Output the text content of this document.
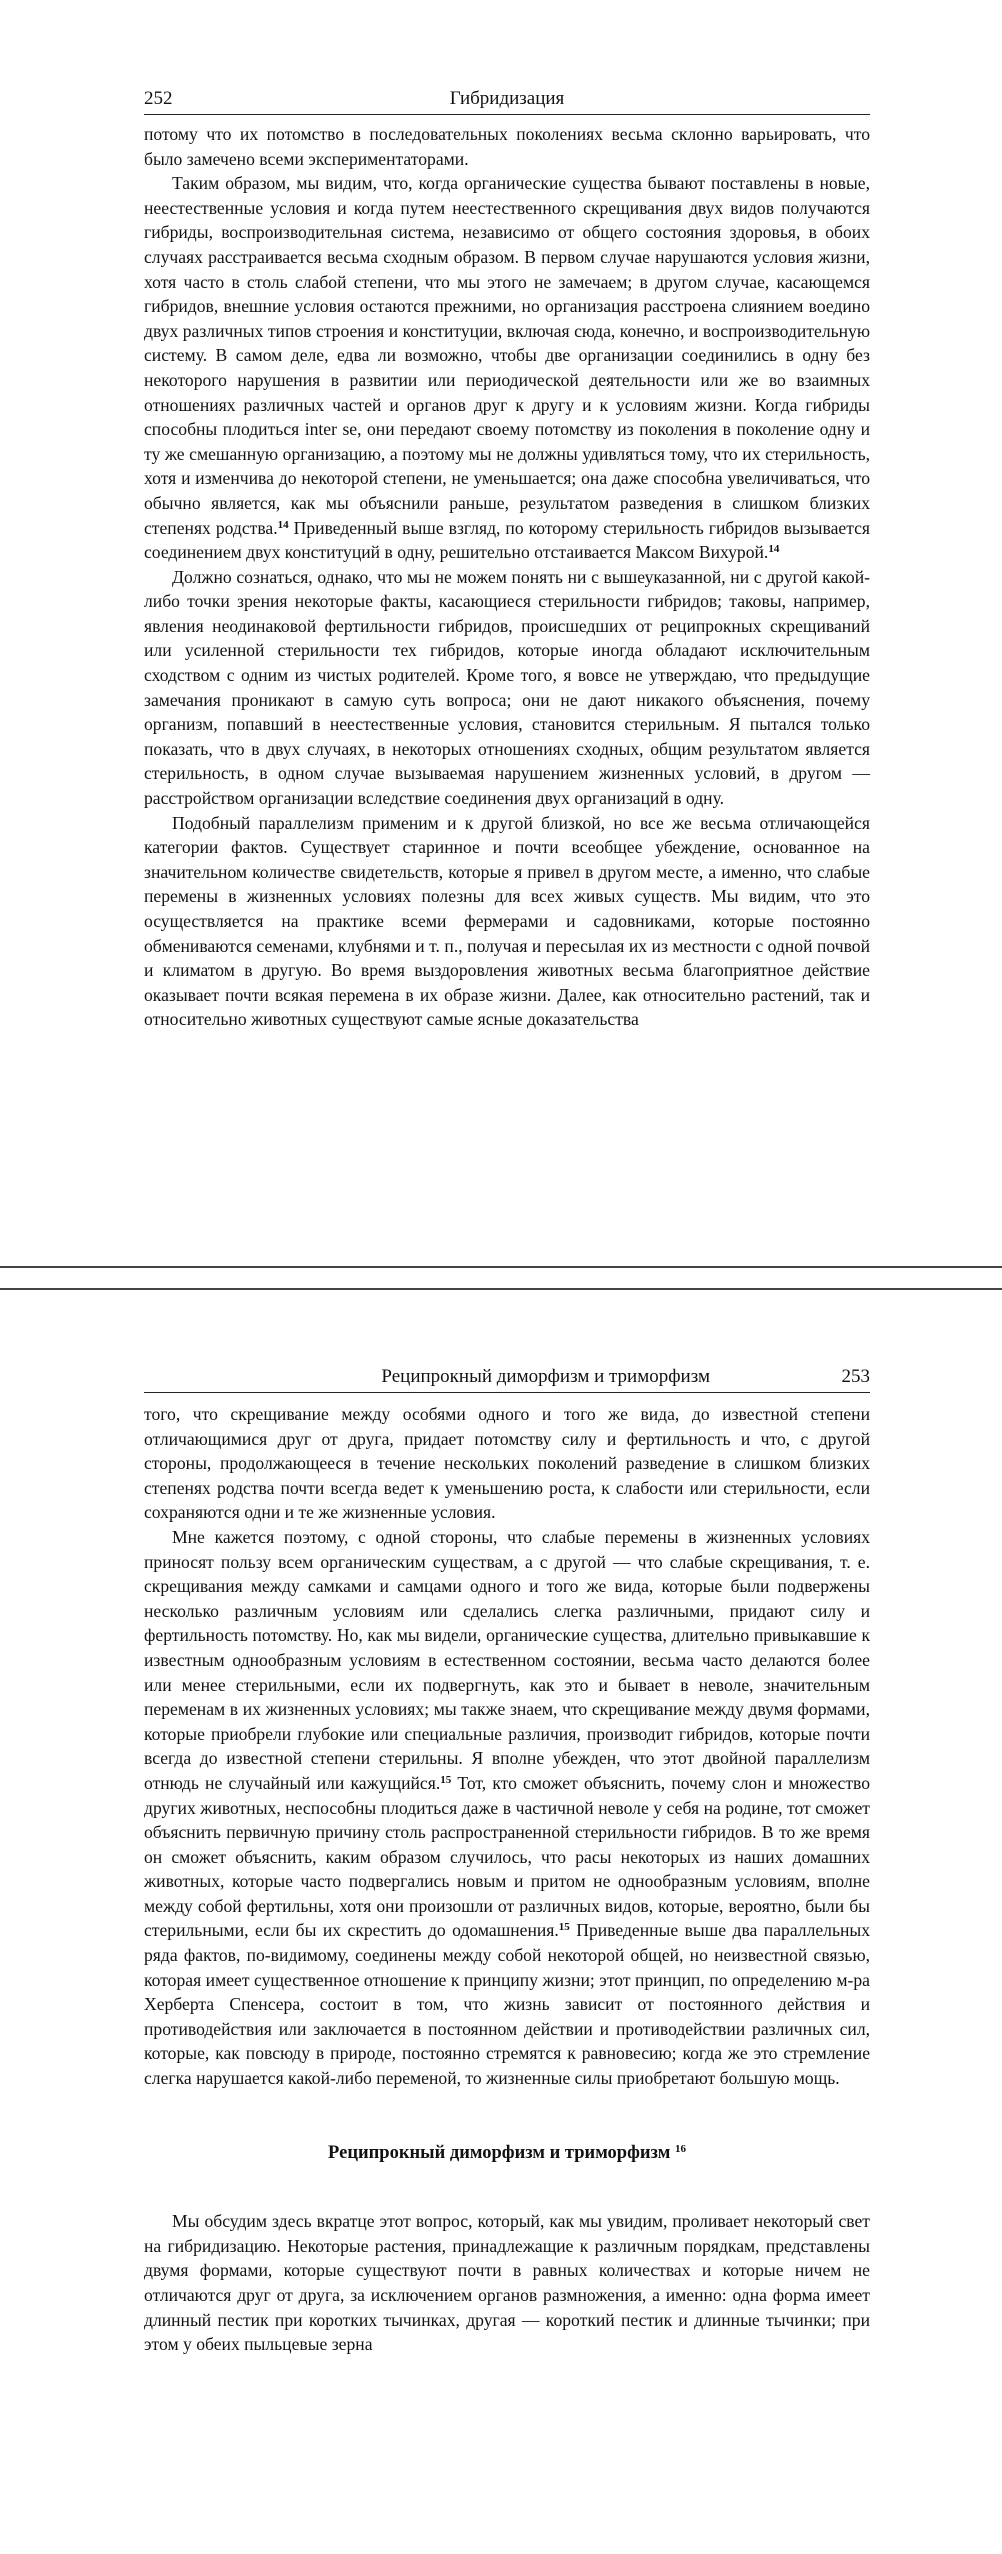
252	Гибридизация

потому что их потомство в последовательных поколениях весьма склонно варьировать, что было замечено всеми экспериментаторами.

Таким образом, мы видим, что, когда органические существа бывают поставлены в новые, неестественные условия и когда путем неестественного скрещивания двух видов получаются гибриды, воспроизводительная система, независимо от общего состояния здоровья, в обоих случаях расстраивается весьма сходным образом. В первом случае нарушаются условия жизни, хотя часто в столь слабой степени, что мы этого не замечаем; в другом случае, касающемся гибридов, внешние условия остаются прежними, но организация расстроена слиянием воедино двух различных типов строения и конституции, включая сюда, конечно, и воспроизводительную систему. В самом деле, едва ли возможно, чтобы две организации соединились в одну без некоторого нарушения в развитии или периодической деятельности или же во взаимных отношениях различных частей и органов друг к другу и к условиям жизни. Когда гибриды способны плодиться inter se, они передают своему потомству из поколения в поколение одну и ту же смешанную организацию, а поэтому мы не должны удивляться тому, что их стерильность, хотя и изменчива до некоторой степени, не уменьшается; она даже способна увеличиваться, что обычно является, как мы объяснили раньше, результатом разведения в слишком близких степенях родства.$^{14}$ Приведенный выше взгляд, по которому стерильность гибридов вызывается соединением двух конституций в одну, решительно отстаивается Максом Вихурой.$^{14}$

Должно сознаться, однако, что мы не можем понять ни с вышеуказанной, ни с другой какой-либо точки зрения некоторые факты, касающиеся стерильности гибридов; таковы, например, явления неодинаковой фертильности гибридов, происшедших от реципрокных скрещиваний или усиленной стерильности тех гибридов, которые иногда обладают исключительным сходством с одним из чистых родителей. Кроме того, я вовсе не утверждаю, что предыдущие замечания проникают в самую суть вопроса; они не дают никакого объяснения, почему организм, попавший в неестественные условия, становится стерильным. Я пытался только показать, что в двух случаях, в некоторых отношениях сходных, общим результатом является стерильность, в одном случае вызываемая нарушением жизненных условий, в другом — расстройством организации вследствие соединения двух организаций в одну.

Подобный параллелизм применим и к другой близкой, но все же весьма отличающейся категории фактов. Существует старинное и почти всеобщее убеждение, основанное на значительном количестве свидетельств, которые я привел в другом месте, а именно, что слабые перемены в жизненных условиях полезны для всех живых существ. Мы видим, что это осуществляется на практике всеми фермерами и садовниками, которые постоянно обмениваются семенами, клубнями и т. п., получая и пересылая их из местности с одной почвой и климатом в другую. Во время выздоровления животных весьма благоприятное действие оказывает почти всякая перемена в их образе жизни. Далее, как относительно растений, так и относительно животных существуют самые ясные доказательства

Реципрокный диморфизм и триморфизм	253

того, что скрещивание между особями одного и того же вида, до известной степени отличающимися друг от друга, придает потомству силу и фертильность и что, с другой стороны, продолжающееся в течение нескольких поколений разведение в слишком близких степенях родства почти всегда ведет к уменьшению роста, к слабости или стерильности, если сохраняются одни и те же жизненные условия.

Мне кажется поэтому, с одной стороны, что слабые перемены в жизненных условиях приносят пользу всем органическим существам, а с другой — что слабые скрещивания, т. е. скрещивания между самками и самцами одного и того же вида, которые были подвержены несколько различным условиям или сделались слегка различными, придают силу и фертильность потомству. Но, как мы видели, органические существа, длительно привыкавшие к известным однообразным условиям в естественном состоянии, весьма часто делаются более или менее стерильными, если их подвергнуть, как это и бывает в неволе, значительным переменам в их жизненных условиях; мы также знаем, что скрещивание между двумя формами, которые приобрели глубокие или специальные различия, производит гибридов, которые почти всегда до известной степени стерильны. Я вполне убежден, что этот двойной параллелизм отнюдь не случайный или кажущийся.$^{15}$ Тот, кто сможет объяснить, почему слон и множество других животных, неспособны плодиться даже в частичной неволе у себя на родине, тот сможет объяснить первичную причину столь распространенной стерильности гибридов. В то же время он сможет объяснить, каким образом случилось, что расы некоторых из наших домашних животных, которые часто подвергались новым и притом не однообразным условиям, вполне между собой фертильны, хотя они произошли от различных видов, которые, вероятно, были бы стерильными, если бы их скрестить до одомашнения.$^{15}$ Приведенные выше два параллельных ряда фактов, по-видимому, соединены между собой некоторой общей, но неизвестной связью, которая имеет существенное отношение к принципу жизни; этот принцип, по определению м-ра Херберта Спенсера, состоит в том, что жизнь зависит от постоянного действия и противодействия или заключается в постоянном действии и противодействии различных сил, которые, как повсюду в природе, постоянно стремятся к равновесию; когда же это стремление слегка нарушается какой-либо переменой, то жизненные силы приобретают большую мощь.

Реципрокный диморфизм и триморфизм $^{16}$

Мы обсудим здесь вкратце этот вопрос, который, как мы увидим, проливает некоторый свет на гибридизацию. Некоторые растения, принадлежащие к различным порядкам, представлены двумя формами, которые существуют почти в равных количествах и которые ничем не отличаются друг от друга, за исключением органов размножения, а именно: одна форма имеет длинный пестик при коротких тычинках, другая — короткий пестик и длинные тычинки; при этом у обеих пыльцевые зерна
